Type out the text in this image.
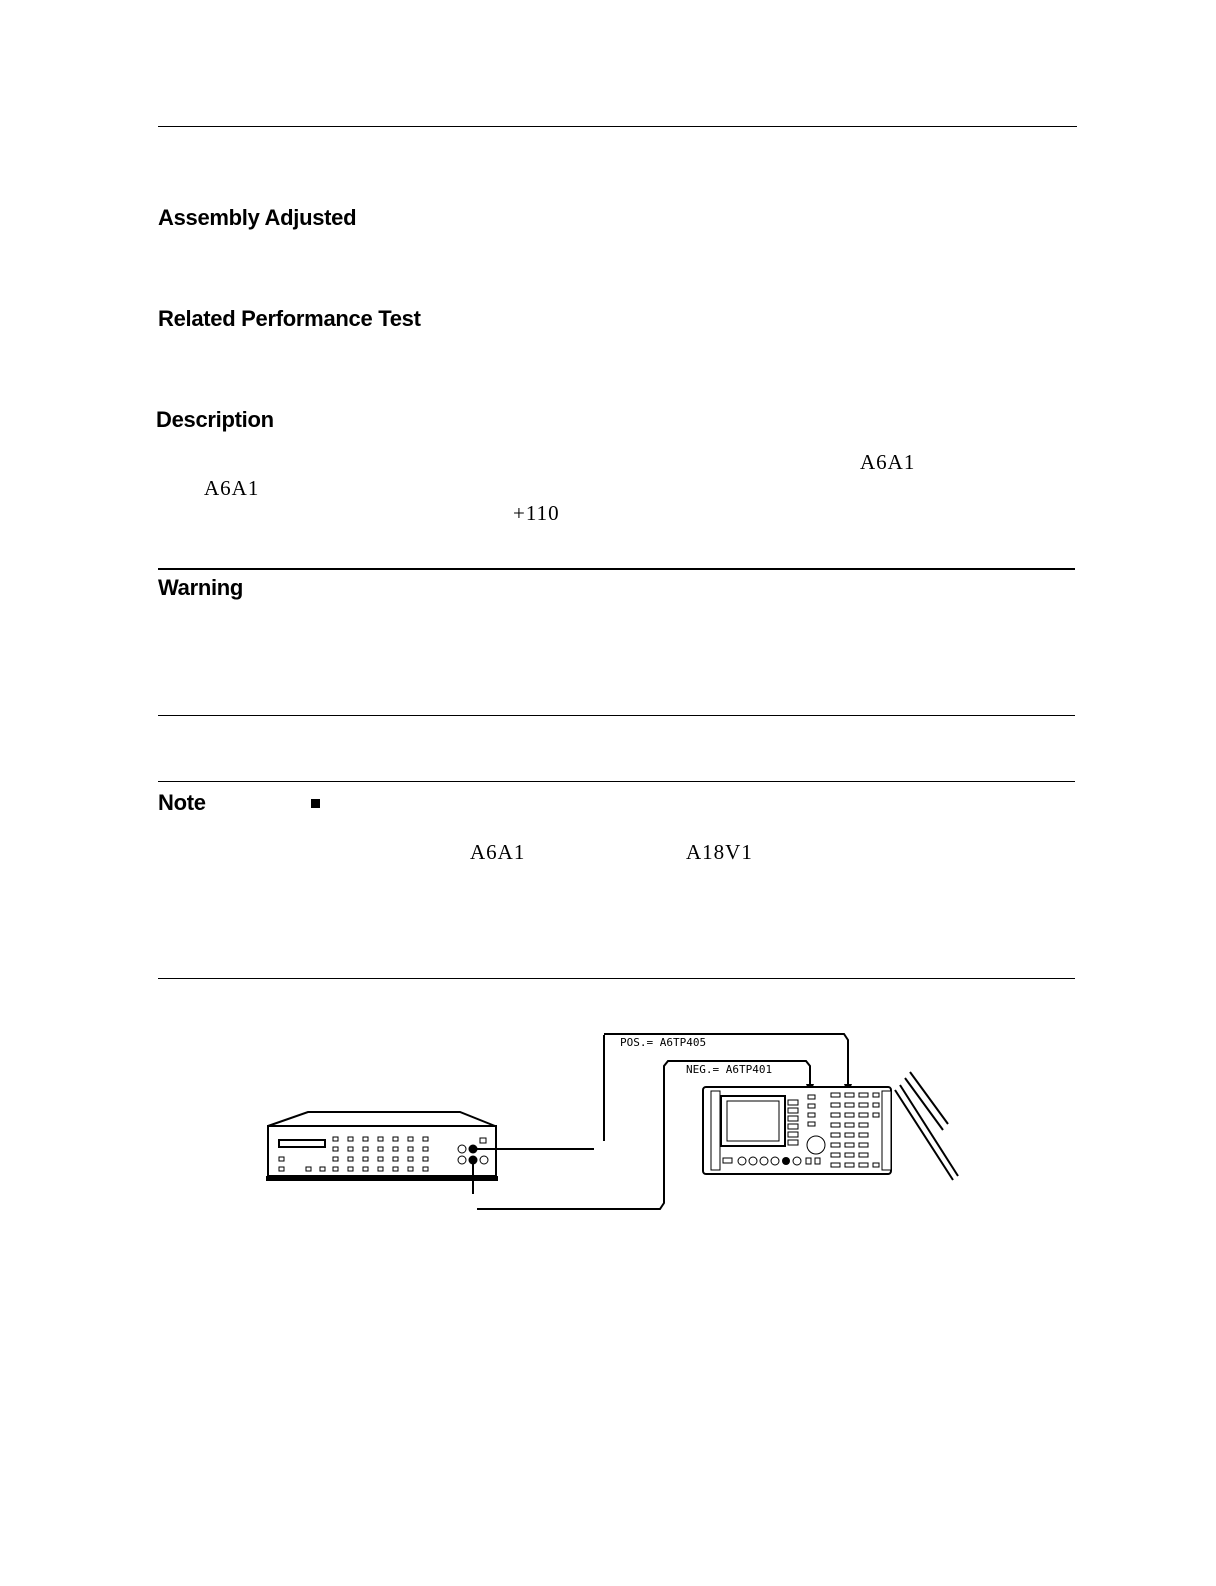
Assembly Adjusted
Related Performance Test
Description
A6A1
A6A1
+110
Warning
Note
A6A1	A18V1
POS.= A6TP405
NEG.= A6TP401
